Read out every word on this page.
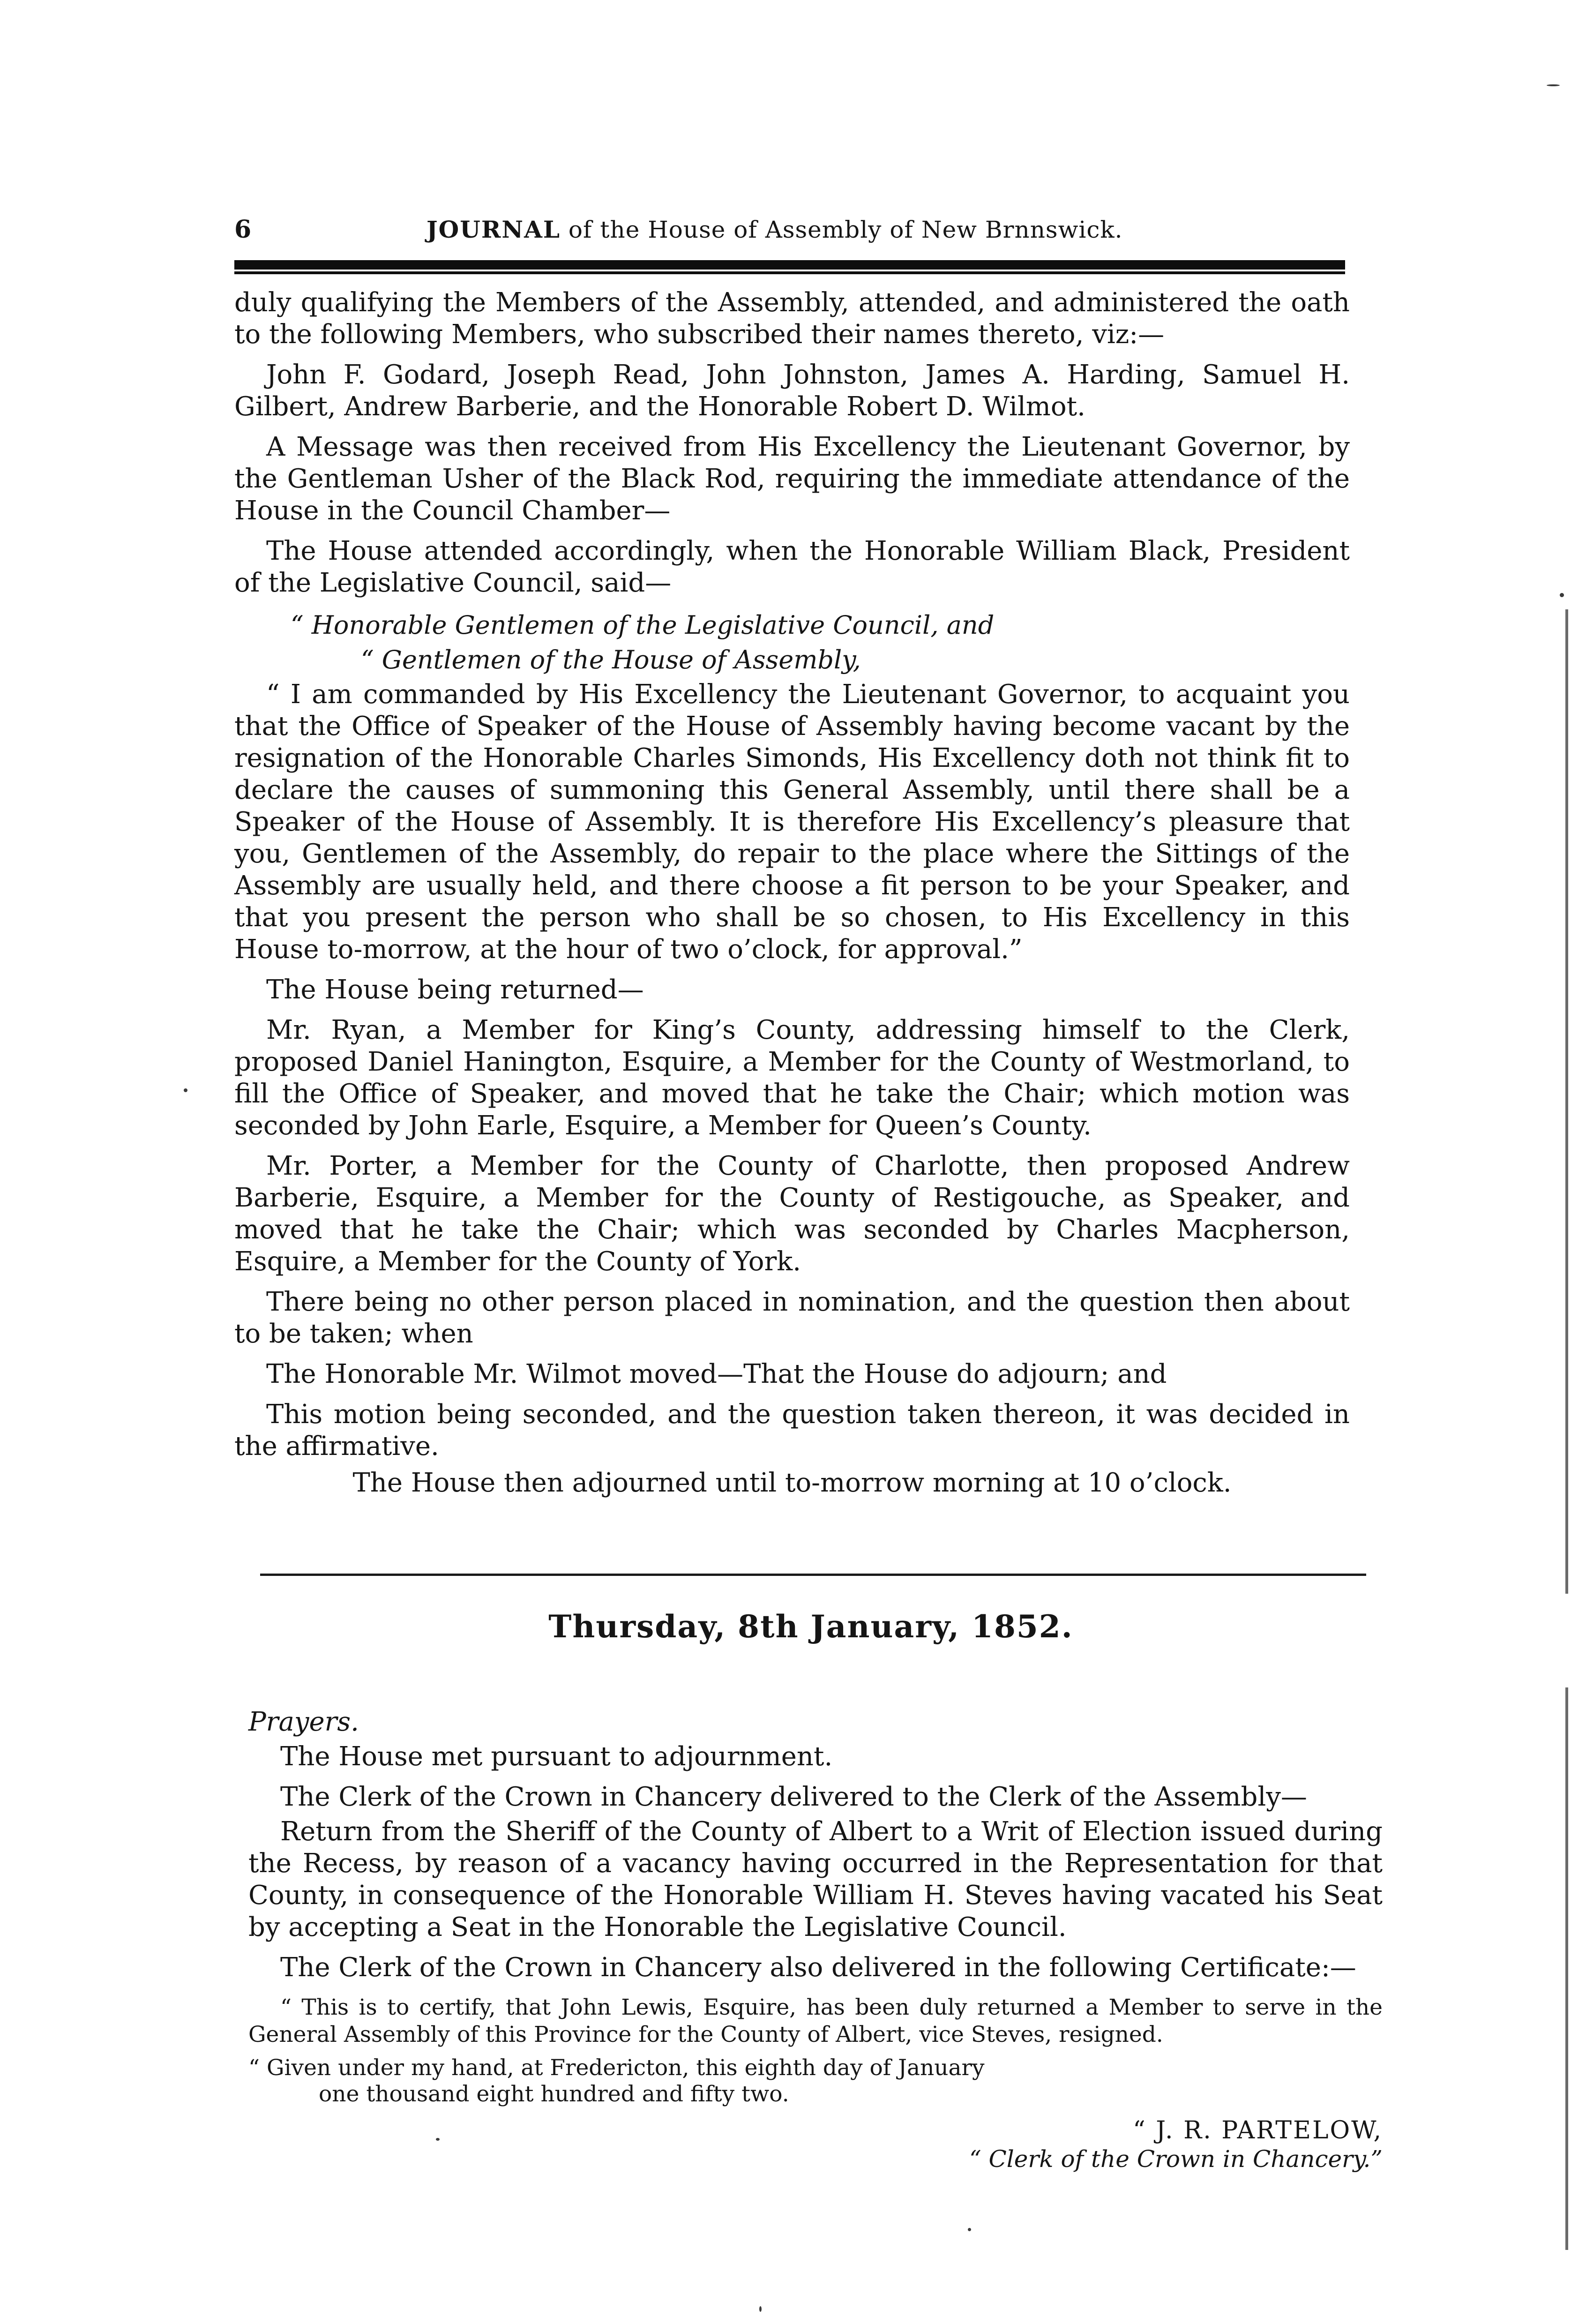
6	JOURNAL of the House of Assembly of New Brnnswick.

duly qualifying the Members of the Assembly, attended, and administered the oath to the following Members, who subscribed their names thereto, viz:—

John F. Godard, Joseph Read, John Johnston, James A. Harding, Samuel H. Gilbert, Andrew Barberie, and the Honorable Robert D. Wilmot.

A Message was then received from His Excellency the Lieutenant Governor, by the Gentleman Usher of the Black Rod, requiring the immediate attendance of the House in the Council Chamber—

The House attended accordingly, when the Honorable William Black, President of the Legislative Council, said—

“ Honorable Gentlemen of the Legislative Council, and

“ Gentlemen of the House of Assembly,

“ I am commanded by His Excellency the Lieutenant Governor, to acquaint you that the Office of Speaker of the House of Assembly having become vacant by the resignation of the Honorable Charles Simonds, His Excellency doth not think fit to declare the causes of summoning this General Assembly, until there shall be a Speaker of the House of Assembly. It is therefore His Excellency’s pleasure that you, Gentlemen of the Assembly, do repair to the place where the Sittings of the Assembly are usually held, and there choose a fit person to be your Speaker, and that you present the person who shall be so chosen, to His Excellency in this House to-morrow, at the hour of two o’clock, for approval.”

The House being returned—

Mr. Ryan, a Member for King’s County, addressing himself to the Clerk, proposed Daniel Hanington, Esquire, a Member for the County of Westmorland, to fill the Office of Speaker, and moved that he take the Chair; which motion was seconded by John Earle, Esquire, a Member for Queen’s County.

Mr. Porter, a Member for the County of Charlotte, then proposed Andrew Barberie, Esquire, a Member for the County of Restigouche, as Speaker, and moved that he take the Chair; which was seconded by Charles Macpherson, Esquire, a Member for the County of York.

There being no other person placed in nomination, and the question then about to be taken; when

The Honorable Mr. Wilmot moved—That the House do adjourn; and

This motion being seconded, and the question taken thereon, it was decided in the affirmative.

The House then adjourned until to-morrow morning at 10 o’clock.

Thursday, 8th January, 1852.

Prayers.

The House met pursuant to adjournment.

The Clerk of the Crown in Chancery delivered to the Clerk of the Assembly—

Return from the Sheriff of the County of Albert to a Writ of Election issued during the Recess, by reason of a vacancy having occurred in the Representation for that County, in consequence of the Honorable William H. Steves having vacated his Seat by accepting a Seat in the Honorable the Legislative Council.

The Clerk of the Crown in Chancery also delivered in the following Certificate:—

“ This is to certify, that John Lewis, Esquire, has been duly returned a Member to serve in the General Assembly of this Province for the County of Albert, vice Steves, resigned.

“ Given under my hand, at Fredericton, this eighth day of January
one thousand eight hundred and fifty two.

“ J. R. PARTELOW,

“ Clerk of the Crown in Chancery.”
